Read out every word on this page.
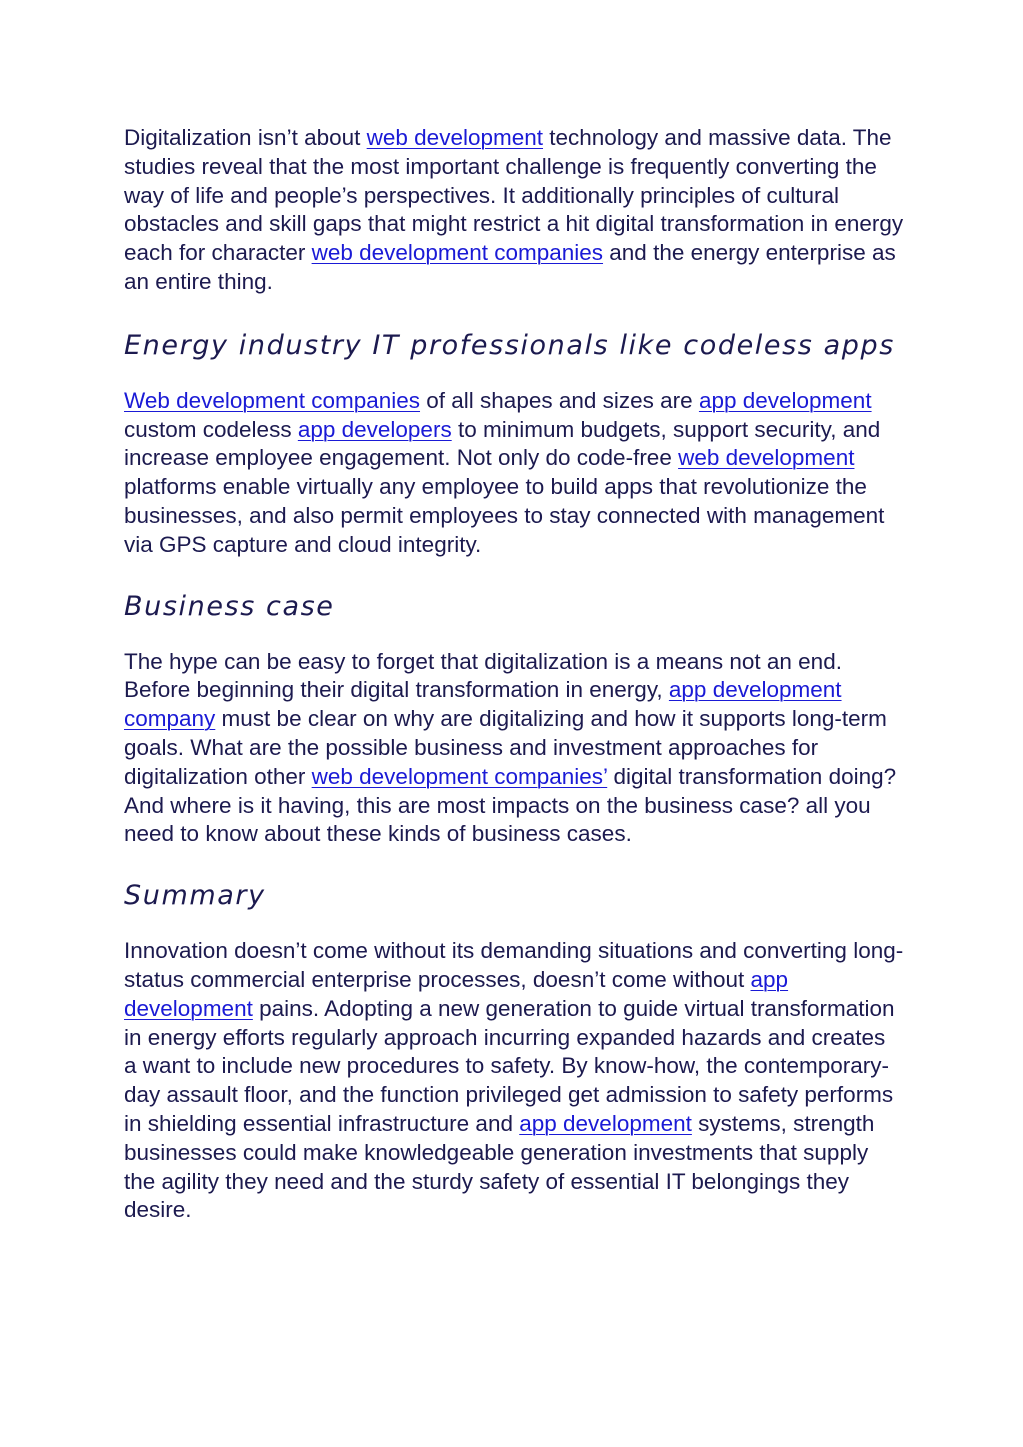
Digitalization isn’t about web development technology and massive data. The studies reveal that the most important challenge is frequently converting the way of life and people’s perspectives. It additionally principles of cultural obstacles and skill gaps that might restrict a hit digital transformation in energy each for character web development companies and the energy enterprise as an entire thing.

Energy industry IT professionals like codeless apps

Web development companies of all shapes and sizes are app development custom codeless app developers to minimum budgets, support security, and increase employee engagement. Not only do code-free web development platforms enable virtually any employee to build apps that revolutionize the businesses, and also permit employees to stay connected with management via GPS capture and cloud integrity.

Business case

The hype can be easy to forget that digitalization is a means not an end. Before beginning their digital transformation in energy, app development company must be clear on why are digitalizing and how it supports long-term goals. What are the possible business and investment approaches for digitalization other web development companies’ digital transformation doing? And where is it having, this are most impacts on the business case? all you need to know about these kinds of business cases.

Summary

Innovation doesn’t come without its demanding situations and converting long-status commercial enterprise processes, doesn’t come without app development pains. Adopting a new generation to guide virtual transformation in energy efforts regularly approach incurring expanded hazards and creates a want to include new procedures to safety. By know-how, the contemporary-day assault floor, and the function privileged get admission to safety performs in shielding essential infrastructure and app development systems, strength businesses could make knowledgeable generation investments that supply the agility they need and the sturdy safety of essential IT belongings they desire.
